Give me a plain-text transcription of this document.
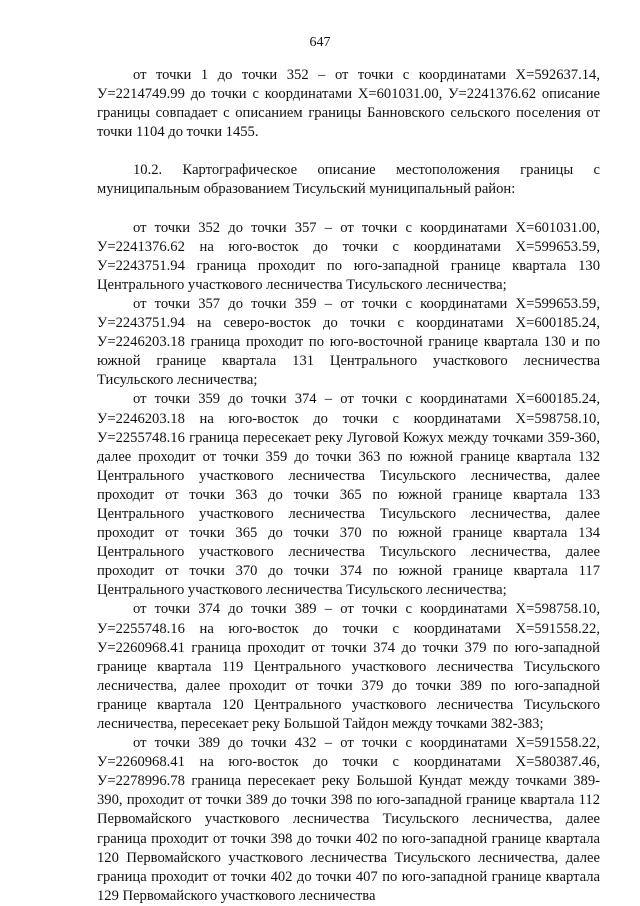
647

от точки 1 до точки 352 – от точки с координатами Х=592637.14, У=2214749.99 до точки с координатами Х=601031.00, У=2241376.62 описание границы совпадает с описанием границы Банновского сельского поселения от точки 1104 до точки 1455.

10.2. Картографическое описание местоположения границы с муниципальным образованием Тисульский муниципальный район:

от точки 352 до точки 357 – от точки с координатами Х=601031.00, У=2241376.62 на юго-восток до точки с координатами Х=599653.59, У=2243751.94 граница проходит по юго-западной границе квартала 130 Центрального участкового лесничества Тисульского лесничества;

от точки 357 до точки 359 – от точки с координатами Х=599653.59, У=2243751.94 на северо-восток до точки с координатами Х=600185.24, У=2246203.18 граница проходит по юго-восточной границе квартала 130 и по южной границе квартала 131 Центрального участкового лесничества Тисульского лесничества;

от точки 359 до точки 374 – от точки с координатами Х=600185.24, У=2246203.18 на юго-восток до точки с координатами Х=598758.10, У=2255748.16 граница пересекает реку Луговой Кожух между точками 359-360, далее проходит от точки 359 до точки 363 по южной границе квартала 132 Центрального участкового лесничества Тисульского лесничества, далее проходит от точки 363 до точки 365 по южной границе квартала 133 Центрального участкового лесничества Тисульского лесничества, далее проходит от точки 365 до точки 370 по южной границе квартала 134 Центрального участкового лесничества Тисульского лесничества, далее проходит от точки 370 до точки 374 по южной границе квартала 117 Центрального участкового лесничества Тисульского лесничества;

от точки 374 до точки 389 – от точки с координатами Х=598758.10, У=2255748.16 на юго-восток до точки с координатами Х=591558.22, У=2260968.41 граница проходит от точки 374 до точки 379 по юго-западной границе квартала 119 Центрального участкового лесничества Тисульского лесничества, далее проходит от точки 379 до точки 389 по юго-западной границе квартала 120 Центрального участкового лесничества Тисульского лесничества, пересекает реку Большой Тайдон между точками 382-383;

от точки 389 до точки 432 – от точки с координатами Х=591558.22, У=2260968.41 на юго-восток до точки с координатами Х=580387.46, У=2278996.78 граница пересекает реку Большой Кундат между точками 389-390, проходит от точки 389 до точки 398 по юго-западной границе квартала 112 Первомайского участкового лесничества Тисульского лесничества, далее граница проходит от точки 398 до точки 402 по юго-западной границе квартала 120 Первомайского участкового лесничества Тисульского лесничества, далее граница проходит от точки 402 до точки 407 по юго-западной границе квартала 129 Первомайского участкового лесничества
